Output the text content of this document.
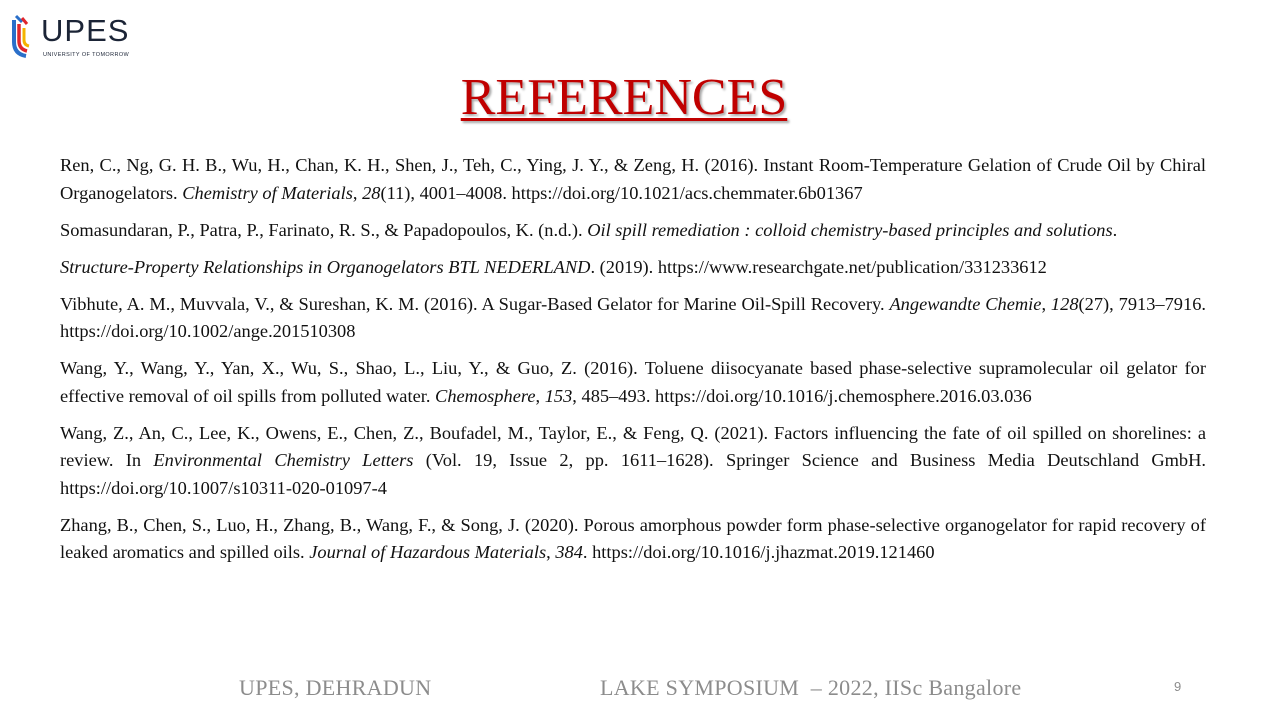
UPES
UNIVERSITY OF TOMORROW
REFERENCES

Ren, C., Ng, G. H. B., Wu, H., Chan, K. H., Shen, J., Teh, C., Ying, J. Y., & Zeng, H. (2016). Instant Room-Temperature Gelation of Crude Oil by Chiral Organogelators. Chemistry of Materials, 28(11), 4001–4008. https://doi.org/10.1021/acs.chemmater.6b01367

Somasundaran, P., Patra, P., Farinato, R. S., & Papadopoulos, K. (n.d.). Oil spill remediation : colloid chemistry-based principles and solutions.

Structure-Property Relationships in Organogelators BTL NEDERLAND. (2019). https://www.researchgate.net/publication/331233612

Vibhute, A. M., Muvvala, V., & Sureshan, K. M. (2016). A Sugar-Based Gelator for Marine Oil-Spill Recovery. Angewandte Chemie, 128(27), 7913–7916. https://doi.org/10.1002/ange.201510308

Wang, Y., Wang, Y., Yan, X., Wu, S., Shao, L., Liu, Y., & Guo, Z. (2016). Toluene diisocyanate based phase-selective supramolecular oil gelator for effective removal of oil spills from polluted water. Chemosphere, 153, 485–493. https://doi.org/10.1016/j.chemosphere.2016.03.036

Wang, Z., An, C., Lee, K., Owens, E., Chen, Z., Boufadel, M., Taylor, E., & Feng, Q. (2021). Factors influencing the fate of oil spilled on shorelines: a review. In Environmental Chemistry Letters (Vol. 19, Issue 2, pp. 1611–1628). Springer Science and Business Media Deutschland GmbH. https://doi.org/10.1007/s10311-020-01097-4

Zhang, B., Chen, S., Luo, H., Zhang, B., Wang, F., & Song, J. (2020). Porous amorphous powder form phase-selective organogelator for rapid recovery of leaked aromatics and spilled oils. Journal of Hazardous Materials, 384. https://doi.org/10.1016/j.jhazmat.2019.121460

UPES, DEHRADUN	LAKE SYMPOSIUM  – 2022, IISc Bangalore	9
